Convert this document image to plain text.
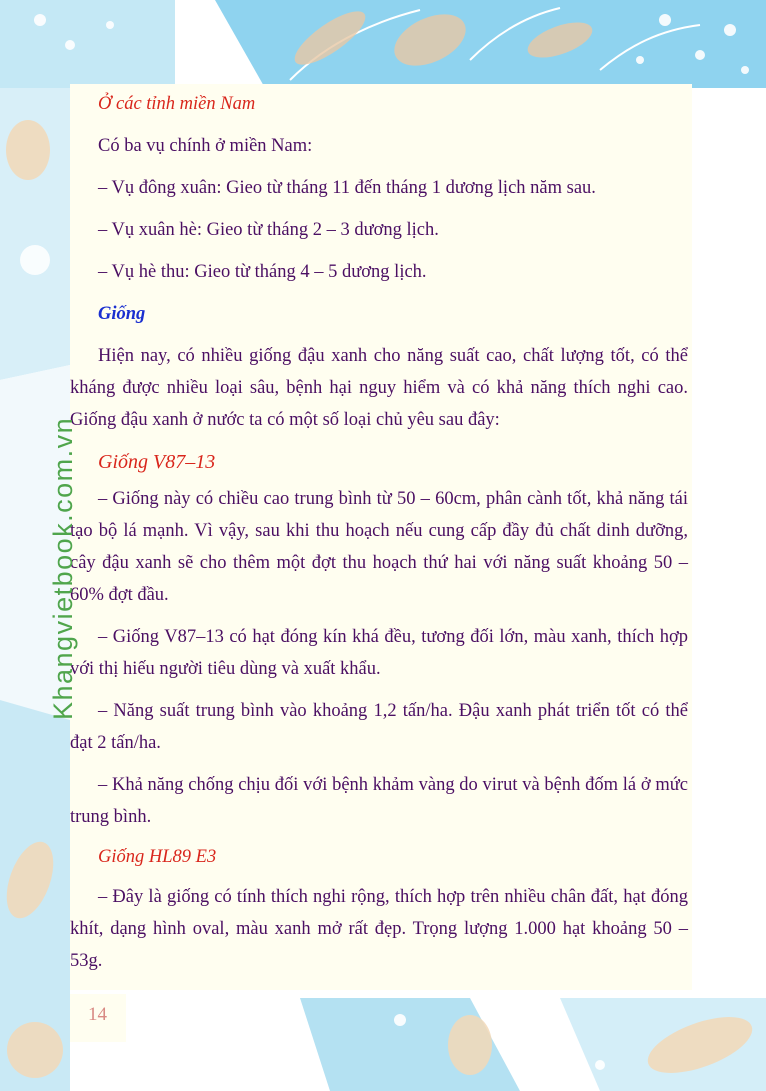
Ở các tỉnh miền Nam

Có ba vụ chính ở miền Nam:

– Vụ đông xuân: Gieo từ tháng 11 đến tháng 1 dương lịch năm sau.

– Vụ xuân hè: Gieo từ tháng 2 – 3 dương lịch.

– Vụ hè thu: Gieo từ tháng 4 – 5 dương lịch.

Giống

Hiện nay, có nhiều giống đậu xanh cho năng suất cao, chất lượng tốt, có thể kháng được nhiều loại sâu, bệnh hại nguy hiểm và có khả năng thích nghi cao. Giống đậu xanh ở nước ta có một số loại chủ yêu sau đây:

Giống V87–13

– Giống này có chiều cao trung bình từ 50 – 60cm, phân cành tốt, khả năng tái tạo bộ lá mạnh. Vì vậy, sau khi thu hoạch nếu cung cấp đầy đủ chất dinh dưỡng, cây đậu xanh sẽ cho thêm một đợt thu hoạch thứ hai với năng suất khoảng 50 – 60% đợt đầu.

– Giống V87–13 có hạt đóng kín khá đều, tương đối lớn, màu xanh, thích hợp với thị hiếu người tiêu dùng và xuất khẩu.

– Năng suất trung bình vào khoảng 1,2 tấn/ha. Đậu xanh phát triển tốt có thể đạt 2 tấn/ha.

– Khả năng chống chịu đối với bệnh khảm vàng do virut và bệnh đốm lá ở mức trung bình.

Giống HL89 E3

– Đây là giống có tính thích nghi rộng, thích hợp trên nhiều chân đất, hạt đóng khít, dạng hình oval, màu xanh mở rất đẹp. Trọng lượng 1.000 hạt khoảng 50 – 53g.

14
Khangvietbook.com.vn
